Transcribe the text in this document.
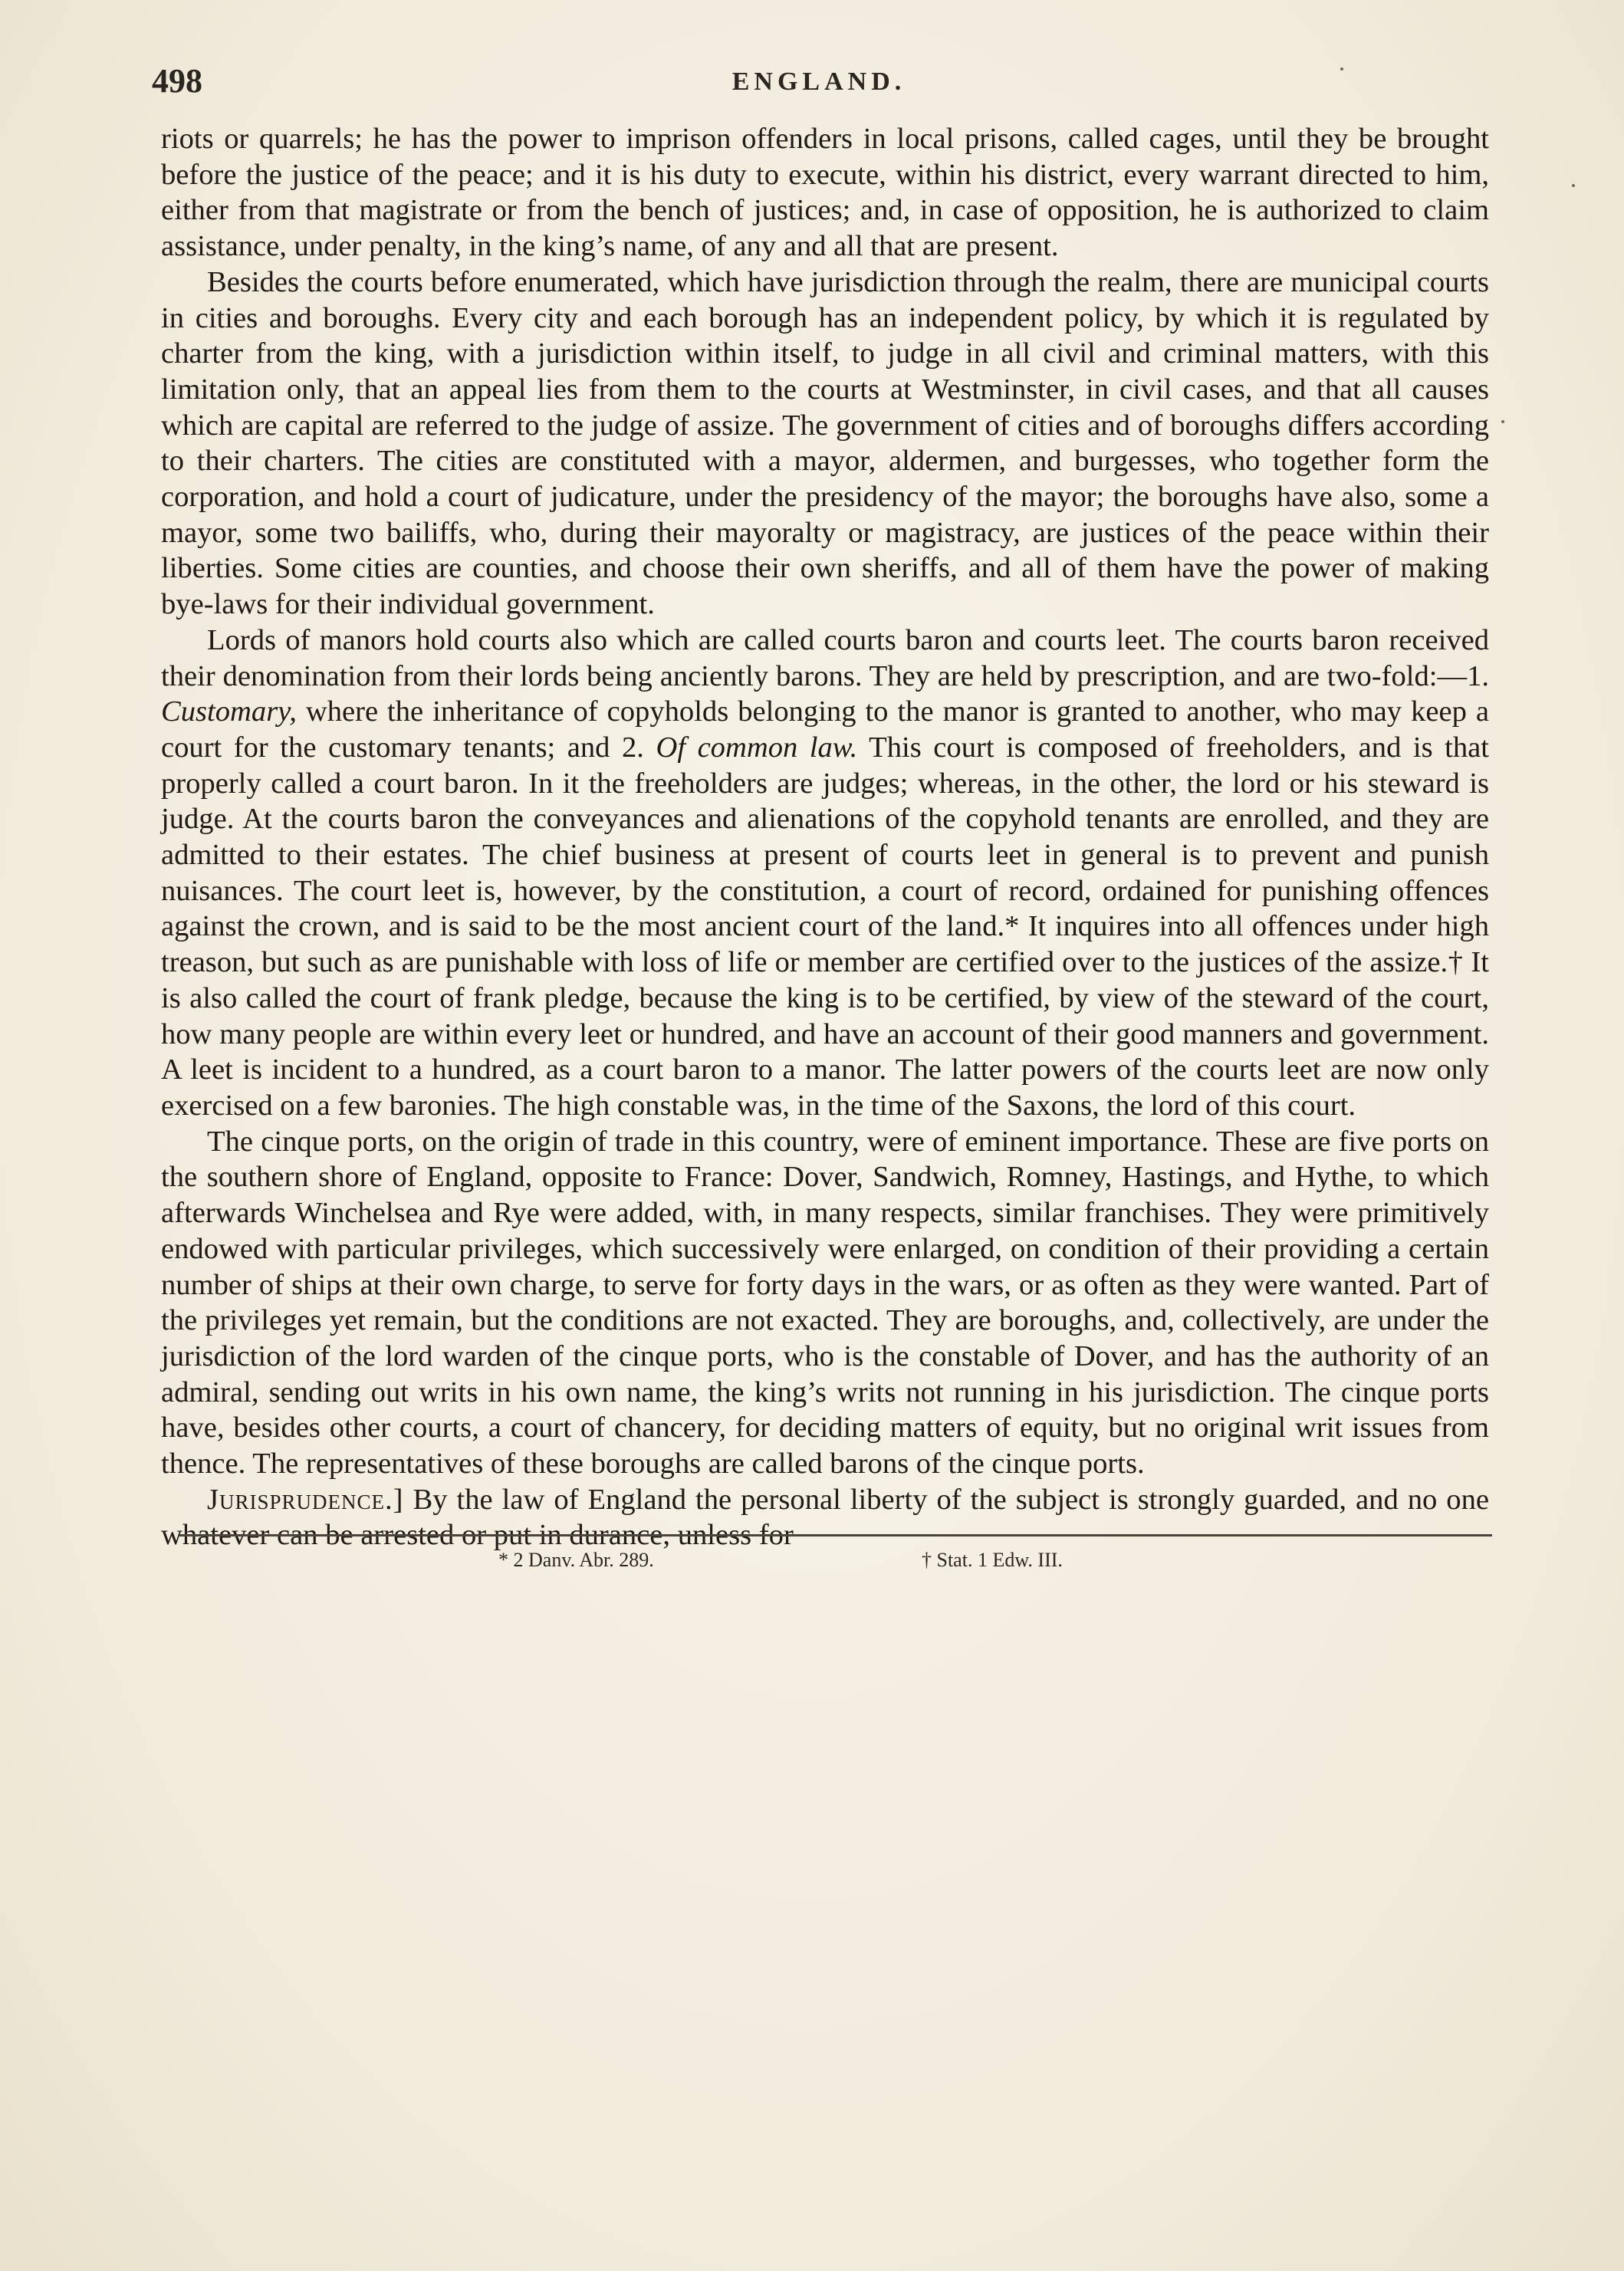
498	ENGLAND.

riots or quarrels; he has the power to imprison offenders in local prisons, called cages, until they be brought before the justice of the peace; and it is his duty to execute, within his district, every warrant directed to him, either from that magistrate or from the bench of justices; and, in case of opposition, he is authorized to claim assistance, under penalty, in the king’s name, of any and all that are present.

Besides the courts before enumerated, which have jurisdiction through the realm, there are municipal courts in cities and boroughs. Every city and each borough has an independent policy, by which it is regulated by charter from the king, with a jurisdiction within itself, to judge in all civil and criminal matters, with this limitation only, that an appeal lies from them to the courts at Westminster, in civil cases, and that all causes which are capital are referred to the judge of assize. The government of cities and of boroughs differs according to their charters. The cities are constituted with a mayor, aldermen, and burgesses, who together form the corporation, and hold a court of judicature, under the presidency of the mayor; the boroughs have also, some a mayor, some two bailiffs, who, during their mayoralty or magistracy, are justices of the peace within their liberties. Some cities are counties, and choose their own sheriffs, and all of them have the power of making bye-laws for their individual government.

Lords of manors hold courts also which are called courts baron and courts leet. The courts baron received their denomination from their lords being anciently barons. They are held by prescription, and are two-fold:—1. Customary, where the inheritance of copyholds belonging to the manor is granted to another, who may keep a court for the customary tenants; and 2. Of common law. This court is composed of freeholders, and is that properly called a court baron. In it the freeholders are judges; whereas, in the other, the lord or his steward is judge. At the courts baron the conveyances and alienations of the copyhold tenants are enrolled, and they are admitted to their estates. The chief business at present of courts leet in general is to prevent and punish nuisances. The court leet is, however, by the constitution, a court of record, ordained for punishing offences against the crown, and is said to be the most ancient court of the land.* It inquires into all offences under high treason, but such as are punishable with loss of life or member are certified over to the justices of the assize.† It is also called the court of frank pledge, because the king is to be certified, by view of the steward of the court, how many people are within every leet or hundred, and have an account of their good manners and government. A leet is incident to a hundred, as a court baron to a manor. The latter powers of the courts leet are now only exercised on a few baronies. The high constable was, in the time of the Saxons, the lord of this court.

The cinque ports, on the origin of trade in this country, were of eminent importance. These are five ports on the southern shore of England, opposite to France: Dover, Sandwich, Romney, Hastings, and Hythe, to which afterwards Winchelsea and Rye were added, with, in many respects, similar franchises. They were primitively endowed with particular privileges, which successively were enlarged, on condition of their providing a certain number of ships at their own charge, to serve for forty days in the wars, or as often as they were wanted. Part of the privileges yet remain, but the conditions are not exacted. They are boroughs, and, collectively, are under the jurisdiction of the lord warden of the cinque ports, who is the constable of Dover, and has the authority of an admiral, sending out writs in his own name, the king’s writs not running in his jurisdiction. The cinque ports have, besides other courts, a court of chancery, for deciding matters of equity, but no original writ issues from thence. The representatives of these boroughs are called barons of the cinque ports.

Jurisprudence.] By the law of England the personal liberty of the subject is strongly guarded, and no one whatever can be arrested or put in durance, unless for

* 2 Danv. Abr. 289.	† Stat. 1 Edw. III.
